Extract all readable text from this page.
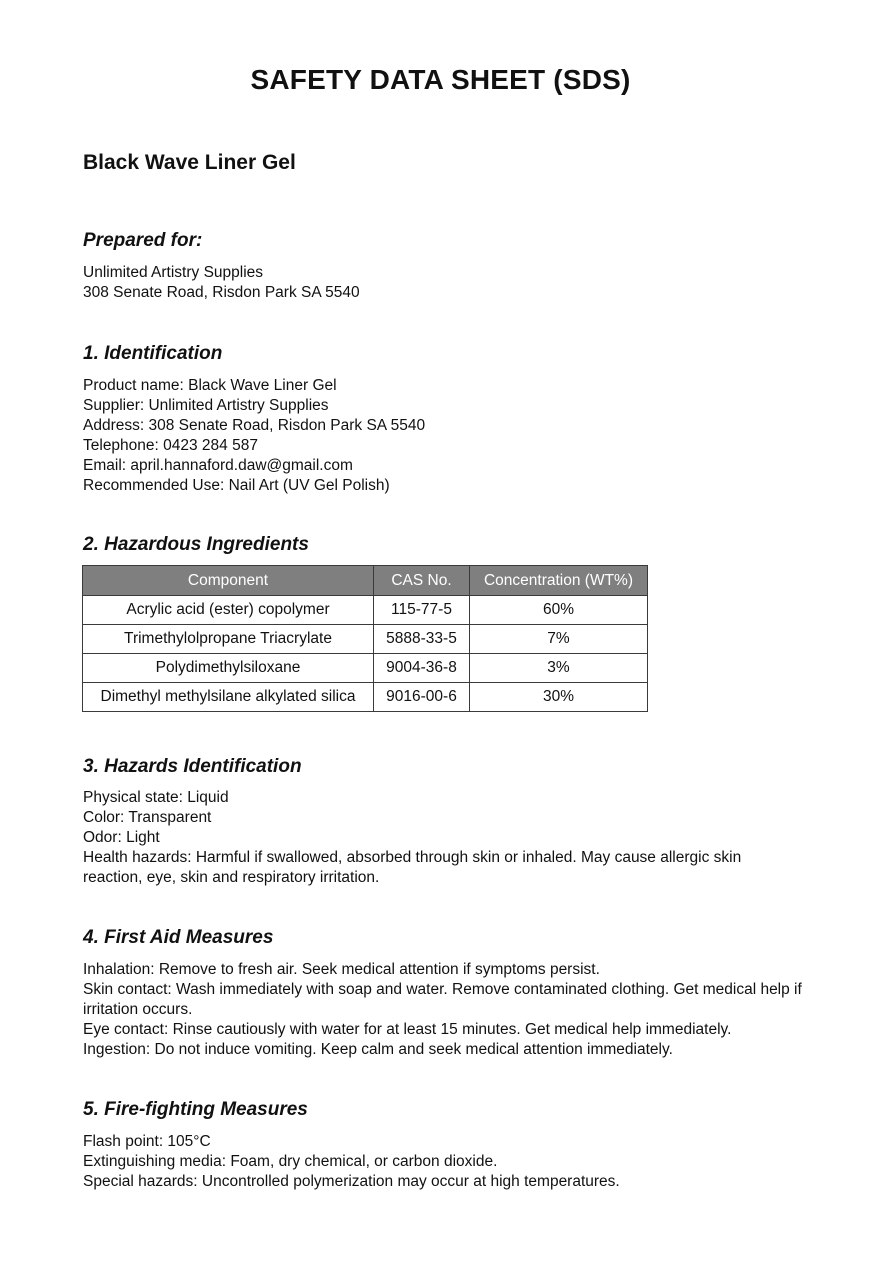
SAFETY DATA SHEET (SDS)
Black Wave Liner Gel
Prepared for:
Unlimited Artistry Supplies
308 Senate Road, Risdon Park SA 5540
1. Identification
Product name: Black Wave Liner Gel
Supplier: Unlimited Artistry Supplies
Address: 308 Senate Road, Risdon Park SA 5540
Telephone: 0423 284 587
Email: april.hannaford.daw@gmail.com
Recommended Use: Nail Art (UV Gel Polish)
2. Hazardous Ingredients
Component	CAS No.	Concentration (WT%)
Acrylic acid (ester) copolymer	115-77-5	60%
Trimethylolpropane Triacrylate	5888-33-5	7%
Polydimethylsiloxane	9004-36-8	3%
Dimethyl methylsilane alkylated silica	9016-00-6	30%
3. Hazards Identification
Physical state: Liquid
Color: Transparent
Odor: Light
Health hazards: Harmful if swallowed, absorbed through skin or inhaled. May cause allergic skin reaction, eye, skin and respiratory irritation.
4. First Aid Measures
Inhalation: Remove to fresh air. Seek medical attention if symptoms persist.
Skin contact: Wash immediately with soap and water. Remove contaminated clothing. Get medical help if irritation occurs.
Eye contact: Rinse cautiously with water for at least 15 minutes. Get medical help immediately.
Ingestion: Do not induce vomiting. Keep calm and seek medical attention immediately.
5. Fire-fighting Measures
Flash point: 105°C
Extinguishing media: Foam, dry chemical, or carbon dioxide.
Special hazards: Uncontrolled polymerization may occur at high temperatures.
